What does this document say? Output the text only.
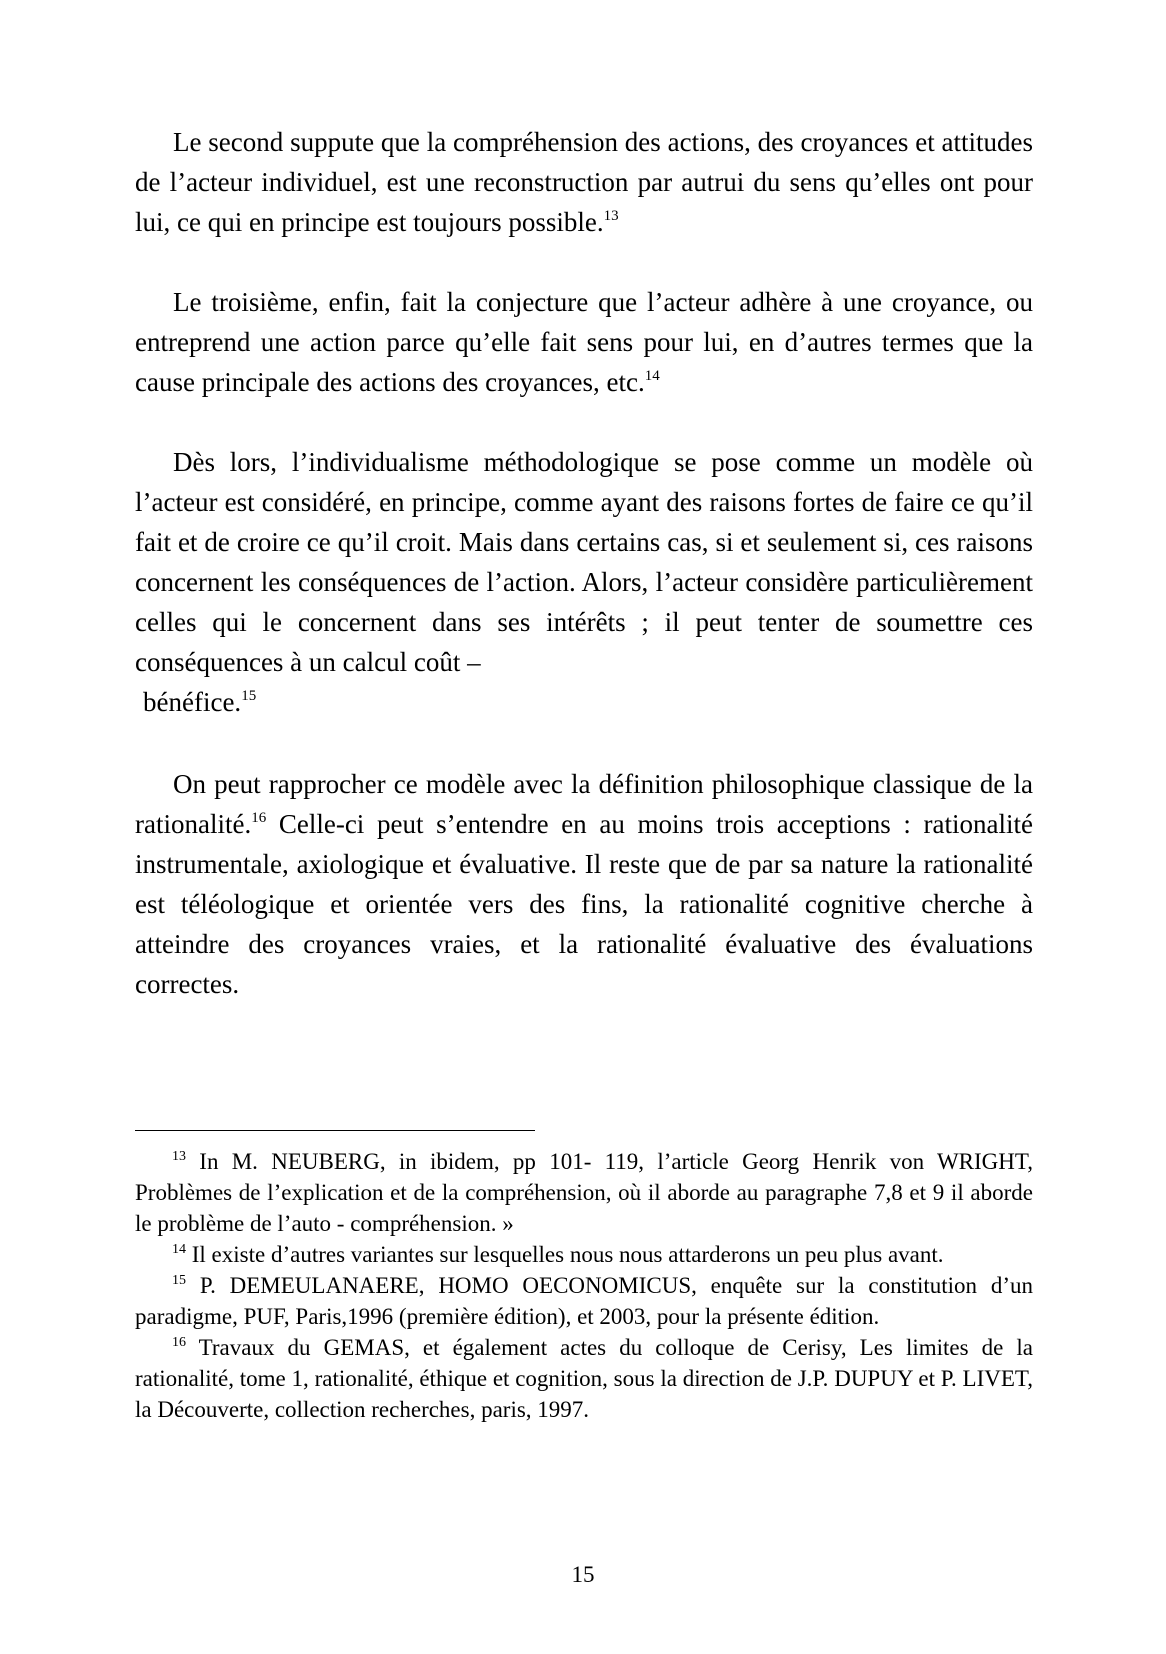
Le second suppute que la compréhension des actions, des croyances et attitudes de l’acteur individuel, est une reconstruction par autrui du sens qu’elles ont pour lui, ce qui en principe est toujours possible.$^{13}$

Le troisième, enfin, fait la conjecture que l’acteur adhère à une croyance, ou entreprend une action parce qu’elle fait sens pour lui, en d’autres termes que la cause principale des actions des croyances, etc.$^{14}$

Dès lors, l’individualisme méthodologique se pose comme un modèle où l’acteur est considéré, en principe, comme ayant des raisons fortes de faire ce qu’il fait et de croire ce qu’il croit. Mais dans certains cas, si et seulement si, ces raisons concernent les conséquences de l’action. Alors, l’acteur considère particulièrement celles qui le concernent dans ses intérêts ; il peut tenter de soumettre ces conséquences à un calcul coût –
bénéfice.$^{15}$

On peut rapprocher ce modèle avec la définition philosophique classique de la rationalité.$^{16}$ Celle-ci peut s’entendre en au moins trois acceptions : rationalité instrumentale, axiologique et évaluative. Il reste que de par sa nature la rationalité est téléologique et orientée vers des fins, la rationalité cognitive cherche à atteindre des croyances vraies, et la rationalité évaluative des évaluations correctes.

$^{13}$ In M. NEUBERG, in ibidem, pp 101- 119, l’article Georg Henrik von WRIGHT, Problèmes de l’explication et de la compréhension, où il aborde au paragraphe 7,8 et 9 il aborde le problème de l’auto - compréhension. »

$^{14}$ Il existe d’autres variantes sur lesquelles nous nous attarderons un peu plus avant.

$^{15}$ P. DEMEULANAERE, HOMO OECONOMICUS, enquête sur la constitution d’un paradigme, PUF, Paris,1996 (première édition), et 2003, pour la présente édition.

$^{16}$ Travaux du GEMAS, et également actes du colloque de Cerisy, Les limites de la rationalité, tome 1, rationalité, éthique et cognition, sous la direction de J.P. DUPUY et P. LIVET, la Découverte, collection recherches, paris, 1997.

15
